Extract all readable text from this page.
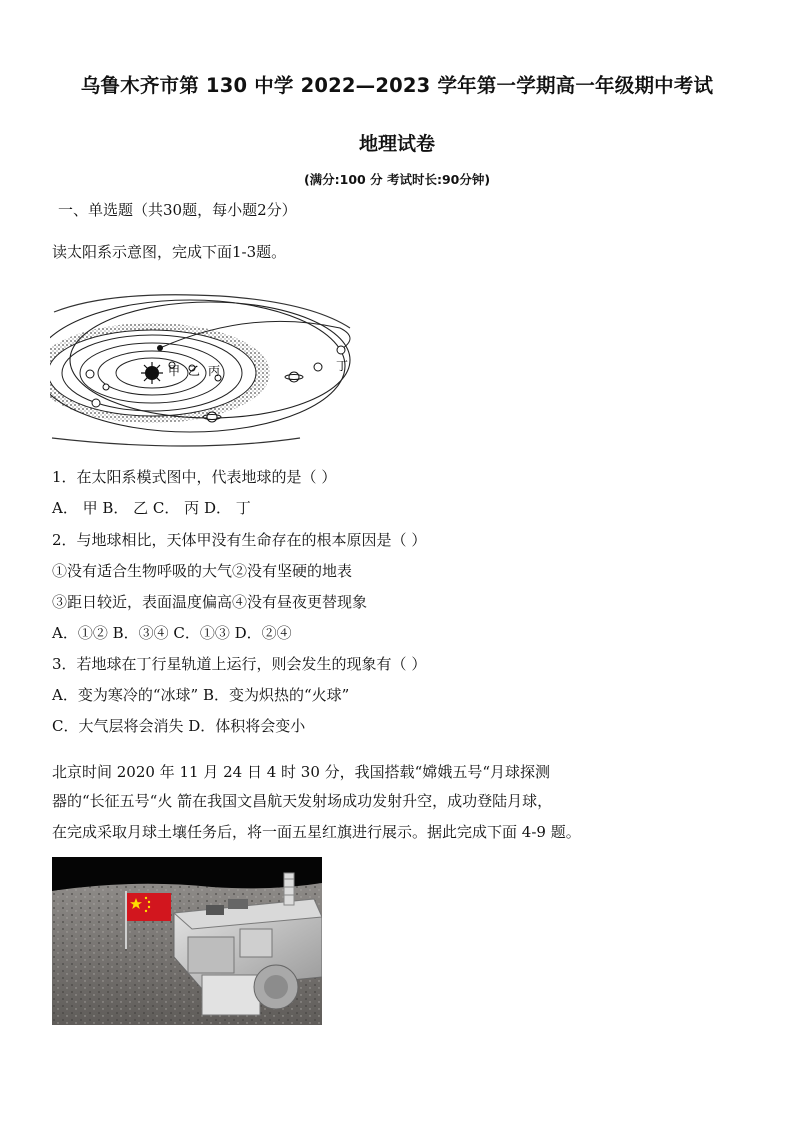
乌鲁木齐市第 130 中学 2022—2023 学年第一学期高一年级期中考试
地理试卷
(满分:100 分 考试时长:90分钟)
一、单选题（共30题，每小题2分）
读太阳系示意图，完成下面1-3题。
甲 乙 丙	丁
1．在太阳系模式图中，代表地球的是（ ）
A． 甲 B． 乙 C． 丙 D． 丁
2．与地球相比，天体甲没有生命存在的根本原因是（ ）
①没有适合生物呼吸的大气②没有坚硬的地表
③距日较近，表面温度偏高④没有昼夜更替现象
A．①② B．③④ C．①③ D．②④
3．若地球在丁行星轨道上运行，则会发生的现象有（ ）
A．变为寒冷的“冰球” B．变为炽热的“火球”
C．大气层将会消失 D．体积将会变小
北京时间 2020 年 11 月 24 日 4 时 30 分，我国搭载“嫦娥五号“月球探测
器的“长征五号“火 箭在我国文昌航天发射场成功发射升空，成功登陆月球，
在完成采取月球土壤任务后，将一面五星红旗进行展示。据此完成下面 4-9 题。
